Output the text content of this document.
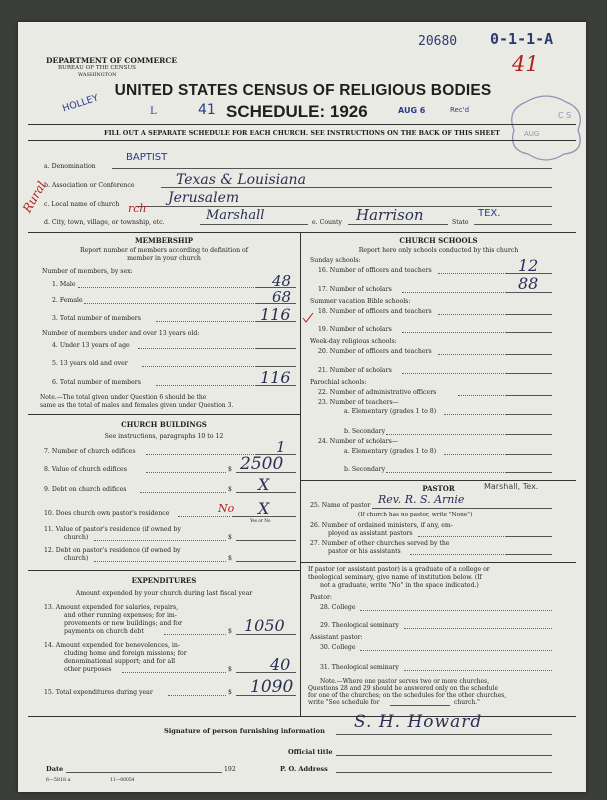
20680 0-1-1-A
41
DEPARTMENT OF COMMERCE
BUREAU OF THE CENSUS
WASHINGTON
HOLLEY
UNITED STATES CENSUS OF RELIGIOUS BODIES
L	41 SCHEDULE: 1926	AUG 6	Rec'd
C S
AUG
FILL OUT A SEPARATE SCHEDULE FOR EACH CHURCH. SEE INSTRUCTIONS ON THE BACK OF THIS SHEET
a. Denomination
BAPTIST
b. Association or Conference	Texas & Louisiana
c. Local name of church	Jerusalem
Rural	rch
d. City, town, village, or township, etc.	Marshall	e. County Harrison	State
TEX.
MEMBERSHIP
Report number of members according to definition of
member in your church
Number of members, by sex:
1. Male	48
2. Female	68
3. Total number of members	116
Number of members under and over 13 years old:
4. Under 13 years of age
5. 13 years old and over
6. Total number of members	116
Note.—The total given under Question 6 should be the
same as the total of males and females given under Question 3.
CHURCH BUILDINGS
See instructions, paragraphs 10 to 12
7. Number of church edifices	1
8. Value of church edifices	$ 2500
9. Debt on church edifices	$ X
10. Does church own pastor's residence	No X
Yes or No
11. Value of pastor's residence (if owned by
church)	$
12. Debt on pastor's residence (if owned by
church)	$
EXPENDITURES
Amount expended by your church during last fiscal year
13. Amount expended for salaries, repairs,
and other running expenses; for im-
provements or new buildings; and for
payments on church debt	$ 1050
14. Amount expended for benevolences, in-
cluding home and foreign missions; for
denominational support; and for all
other purposes	$ 40
15. Total expenditures during year	$ 1090
CHURCH SCHOOLS
Report here only schools conducted by this church
Sunday schools:
16. Number of officers and teachers	12
17. Number of scholars	88
Summer vacation Bible schools:
18. Number of officers and teachers
19. Number of scholars
Week-day religious schools:
20. Number of officers and teachers
21. Number of scholars
Parochial schools:
22. Number of administrative officers
23. Number of teachers—
a. Elementary (grades 1 to 8)
b. Secondary
24. Number of scholars—
a. Elementary (grades 1 to 8)
b. Secondary
PASTOR	Marshall, Tex.
25. Name of pastor Rev. R. S. Arnie
(If church has no pastor, write "None")
26. Number of ordained ministers, if any, em-
ployed as assistant pastors
27. Number of other churches served by the
pastor or his assistants
If pastor (or assistant pastor) is a graduate of a college or
theological seminary, give name of institution below. (If
not a graduate, write "No" in the space indicated.)
Pastor:
28. College
29. Theological seminary
Assistant pastor:
30. College
31. Theological seminary
Note.—Where one pastor serves two or more churches,
Questions 28 and 29 should be answered only on the schedule
for one of the churches; on the schedules for the other churches,
write "See schedule for	church."
Signature of person furnishing information S. H. Howard
Official title
Date	192	P. O. Address
6—5818 a	11—00054
